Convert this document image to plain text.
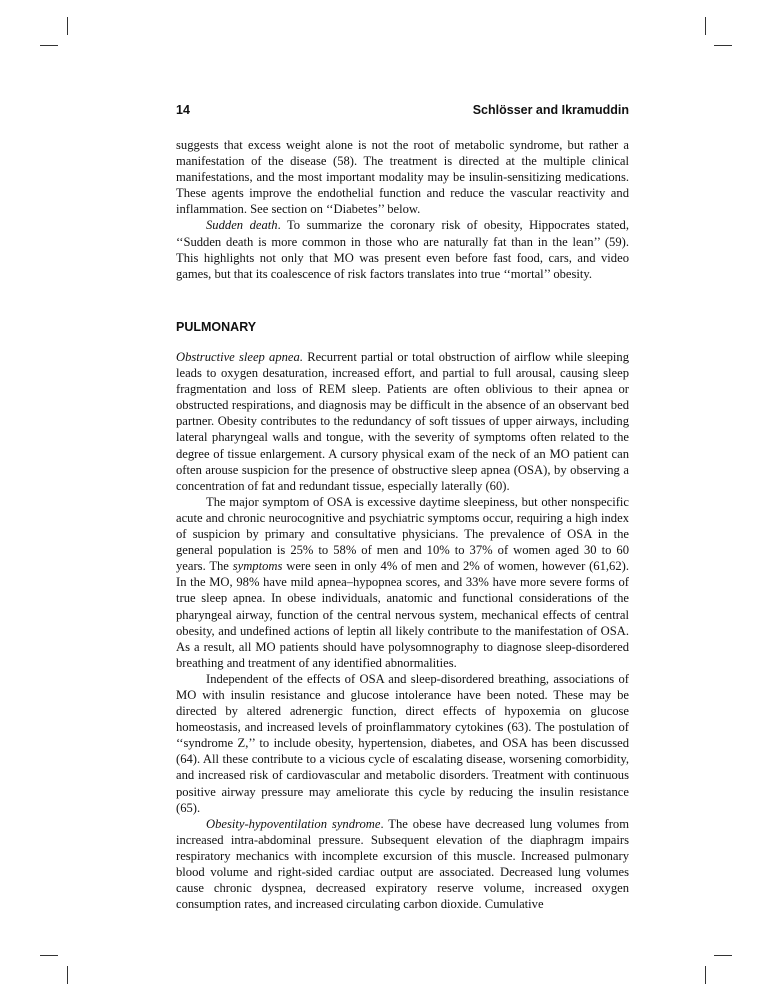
14	Schlösser and Ikramuddin

suggests that excess weight alone is not the root of metabolic syndrome, but rather a manifestation of the disease (58). The treatment is directed at the multiple clinical manifestations, and the most important modality may be insulin-sensitizing medications. These agents improve the endothelial function and reduce the vascular reactivity and inflammation. See section on ‘‘Diabetes’’ below.

Sudden death. To summarize the coronary risk of obesity, Hippocrates stated, ‘‘Sudden death is more common in those who are naturally fat than in the lean’’ (59). This highlights not only that MO was present even before fast food, cars, and video games, but that its coalescence of risk factors translates into true ‘‘mortal’’ obesity.

PULMONARY

Obstructive sleep apnea. Recurrent partial or total obstruction of airflow while sleeping leads to oxygen desaturation, increased effort, and partial to full arousal, causing sleep fragmentation and loss of REM sleep. Patients are often oblivious to their apnea or obstructed respirations, and diagnosis may be difficult in the absence of an observant bed partner. Obesity contributes to the redundancy of soft tissues of upper airways, including lateral pharyngeal walls and tongue, with the severity of symptoms often related to the degree of tissue enlargement. A cursory physical exam of the neck of an MO patient can often arouse suspicion for the presence of obstructive sleep apnea (OSA), by observing a concentration of fat and redundant tissue, especially laterally (60).

The major symptom of OSA is excessive daytime sleepiness, but other nonspecific acute and chronic neurocognitive and psychiatric symptoms occur, requiring a high index of suspicion by primary and consultative physicians. The prevalence of OSA in the general population is 25% to 58% of men and 10% to 37% of women aged 30 to 60 years. The symptoms were seen in only 4% of men and 2% of women, however (61,62). In the MO, 98% have mild apnea–hypopnea scores, and 33% have more severe forms of true sleep apnea. In obese individuals, anatomic and functional considerations of the pharyngeal airway, function of the central nervous system, mechanical effects of central obesity, and undefined actions of leptin all likely contribute to the manifestation of OSA. As a result, all MO patients should have polysomnography to diagnose sleep-disordered breathing and treatment of any identified abnormalities.

Independent of the effects of OSA and sleep-disordered breathing, associations of MO with insulin resistance and glucose intolerance have been noted. These may be directed by altered adrenergic function, direct effects of hypoxemia on glucose homeostasis, and increased levels of proinflammatory cytokines (63). The postulation of ‘‘syndrome Z,’’ to include obesity, hypertension, diabetes, and OSA has been discussed (64). All these contribute to a vicious cycle of escalating disease, worsening comorbidity, and increased risk of cardiovascular and metabolic disorders. Treatment with continuous positive airway pressure may ameliorate this cycle by reducing the insulin resistance (65).

Obesity-hypoventilation syndrome. The obese have decreased lung volumes from increased intra-abdominal pressure. Subsequent elevation of the diaphragm impairs respiratory mechanics with incomplete excursion of this muscle. Increased pulmonary blood volume and right-sided cardiac output are associated. Decreased lung volumes cause chronic dyspnea, decreased expiratory reserve volume, increased oxygen consumption rates, and increased circulating carbon dioxide. Cumulative
